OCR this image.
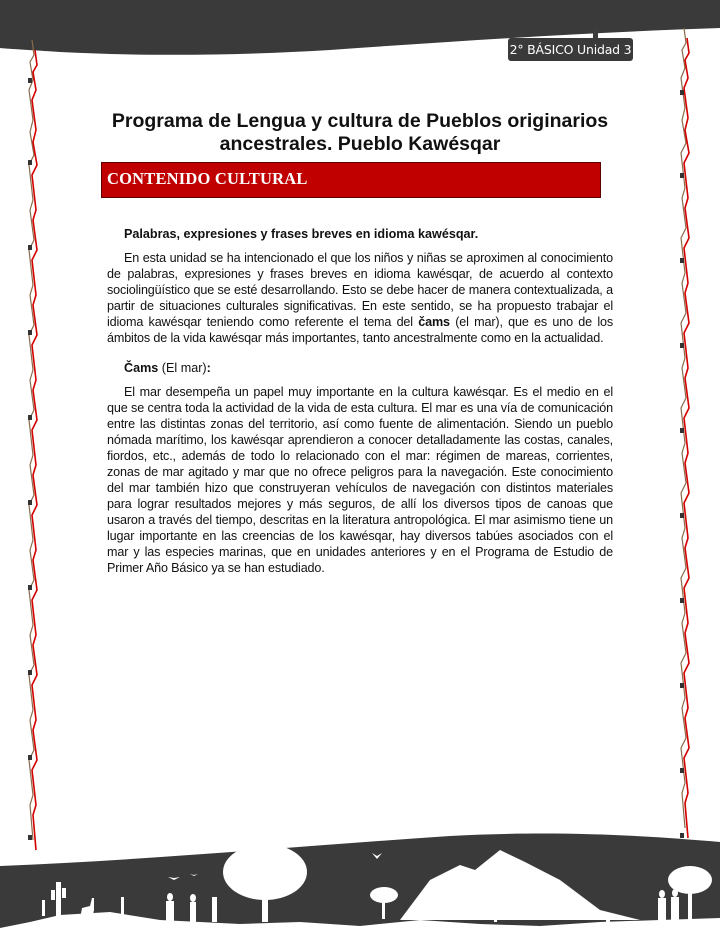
2° BÁSICO Unidad 3
Programa de Lengua y cultura de Pueblos originarios
ancestrales. Pueblo Kawésqar
CONTENIDO CULTURAL
Palabras, expresiones y frases breves en idioma kawésqar.

En esta unidad se ha intencionado el que los niños y niñas se aproximen al conocimiento de palabras, expresiones y frases breves en idioma kawésqar, de acuerdo al contexto sociolingüístico que se esté desarrollando. Esto se debe hacer de manera contextualizada, a partir de situaciones culturales significativas. En este sentido, se ha propuesto trabajar el idioma kawésqar teniendo como referente el tema del čams (el mar), que es uno de los ámbitos de la vida kawésqar más importantes, tanto ancestralmente como en la actualidad.

Čams (El mar):

El mar desempeña un papel muy importante en la cultura kawésqar. Es el medio en el que se centra toda la actividad de la vida de esta cultura. El mar es una vía de comunicación entre las distintas zonas del territorio, así como fuente de alimentación. Siendo un pueblo nómada marítimo, los kawésqar aprendieron a conocer detalladamente las costas, canales, fiordos, etc., además de todo lo relacionado con el mar: régimen de mareas, corrientes, zonas de mar agitado y mar que no ofrece peligros para la navegación. Este conocimiento del mar también hizo que construyeran vehículos de navegación con distintos materiales para lograr resultados mejores y más seguros, de allí los diversos tipos de canoas que usaron a través del tiempo, descritas en la literatura antropológica. El mar asimismo tiene un lugar importante en las creencias de los kawésqar, hay diversos tabúes asociados con el mar y las especies marinas, que en unidades anteriores y en el Programa de Estudio de Primer Año Básico ya se han estudiado.
